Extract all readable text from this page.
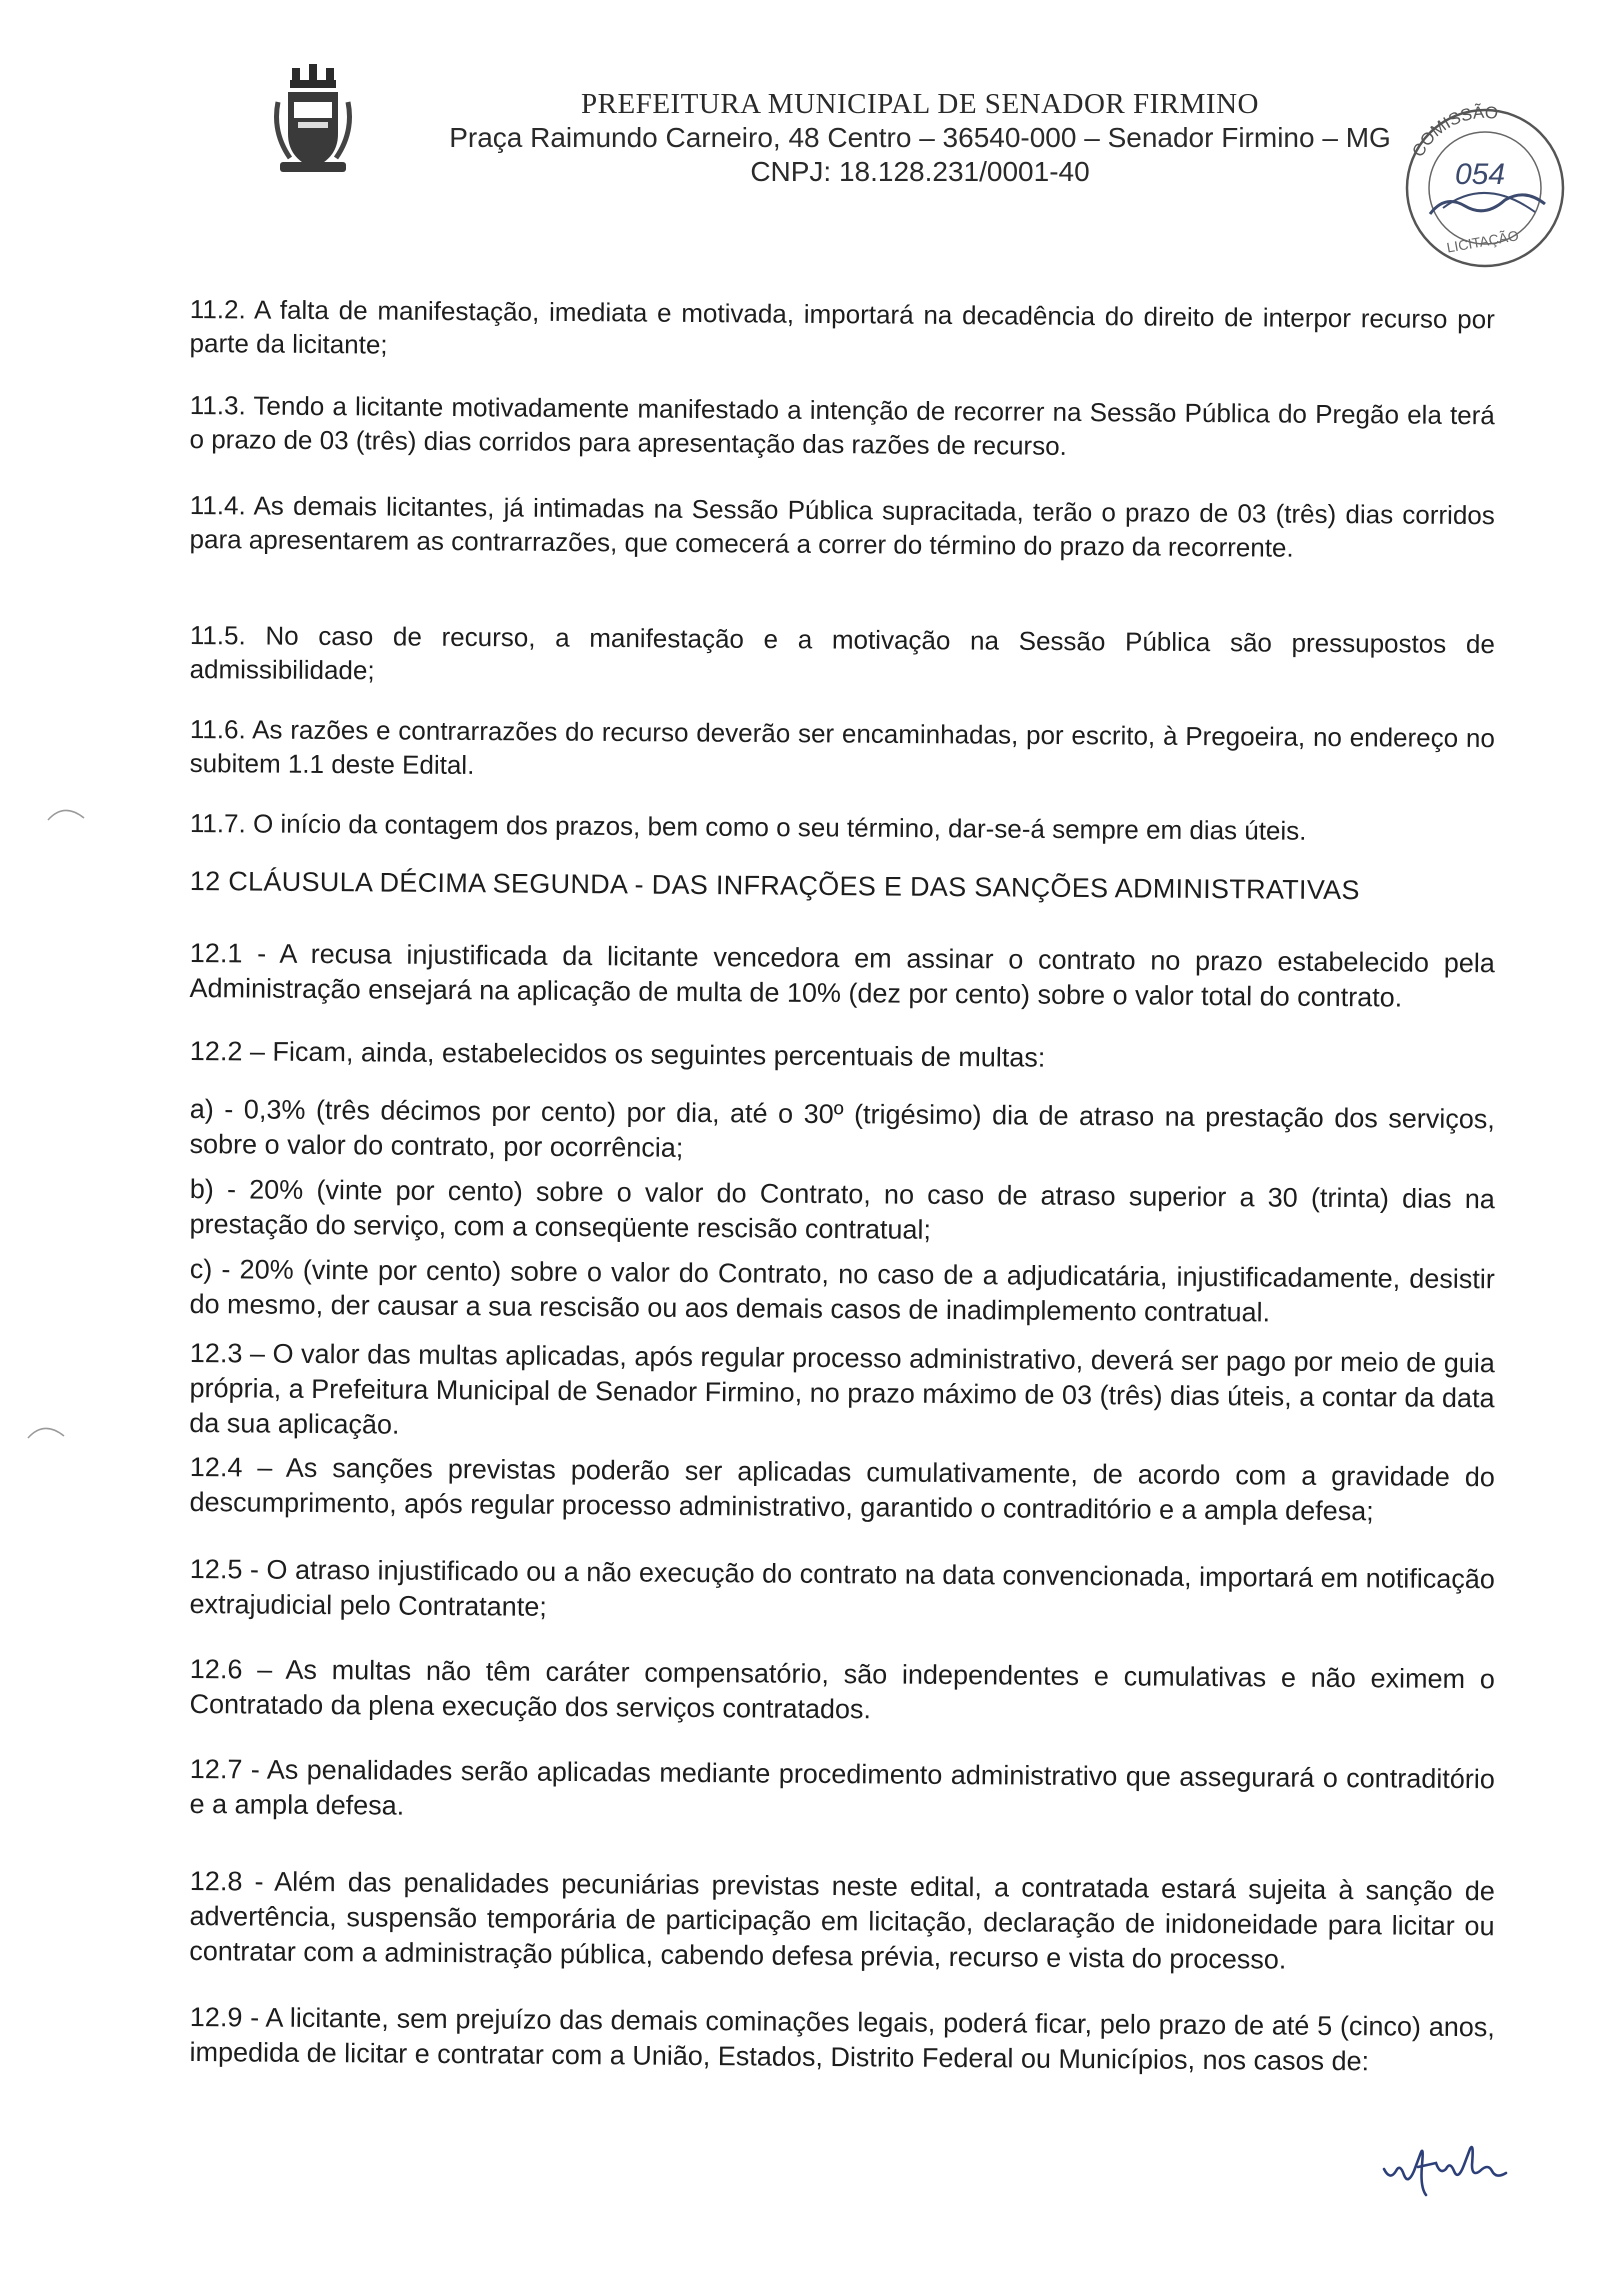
PREFEITURA MUNICIPAL DE SENADOR FIRMINO
Praça Raimundo Carneiro, 48 Centro – 36540-000 – Senador Firmino – MG
CNPJ: 18.128.231/0001-40
COMISSÃO
LICITAÇÃO
054
11.2. A falta de manifestação, imediata e motivada, importará na decadência do direito de interpor recurso por parte da licitante;
11.3. Tendo a licitante motivadamente manifestado a intenção de recorrer na Sessão Pública do Pregão ela terá o prazo de 03 (três) dias corridos para apresentação das razões de recurso.
11.4. As demais licitantes, já intimadas na Sessão Pública supracitada, terão o prazo de 03 (três) dias corridos para apresentarem as contrarrazões, que comecerá a correr do término do prazo da recorrente.
11.5. No caso de recurso, a manifestação e a motivação na Sessão Pública são pressupostos de admissibilidade;
11.6. As razões e contrarrazões do recurso deverão ser encaminhadas, por escrito, à Pregoeira, no endereço no subitem 1.1 deste Edital.
11.7. O início da contagem dos prazos, bem como o seu término, dar-se-á sempre em dias úteis.
12 CLÁUSULA DÉCIMA SEGUNDA - DAS INFRAÇÕES E DAS SANÇÕES ADMINISTRATIVAS
12.1 - A recusa injustificada da licitante vencedora em assinar o contrato no prazo estabelecido pela Administração ensejará na aplicação de multa de 10% (dez por cento) sobre o valor total do contrato.
12.2 – Ficam, ainda, estabelecidos os seguintes percentuais de multas:
a) - 0,3% (três décimos por cento) por dia, até o 30º (trigésimo) dia de atraso na prestação dos serviços, sobre o valor do contrato, por ocorrência;
b) - 20% (vinte por cento) sobre o valor do Contrato, no caso de atraso superior a 30 (trinta) dias na prestação do serviço, com a conseqüente rescisão contratual;
c) - 20% (vinte por cento) sobre o valor do Contrato, no caso de a adjudicatária, injustificadamente, desistir do mesmo, der causar a sua rescisão ou aos demais casos de inadimplemento contratual.
12.3 – O valor das multas aplicadas, após regular processo administrativo, deverá ser pago por meio de guia própria, a Prefeitura Municipal de Senador Firmino, no prazo máximo de 03 (três) dias úteis, a contar da data da sua aplicação.
12.4 – As sanções previstas poderão ser aplicadas cumulativamente, de acordo com a gravidade do descumprimento, após regular processo administrativo, garantido o contraditório e a ampla defesa;
12.5 - O atraso injustificado ou a não execução do contrato na data convencionada, importará em notificação extrajudicial pelo Contratante;
12.6 – As multas não têm caráter compensatório, são independentes e cumulativas e não eximem o Contratado da plena execução dos serviços contratados.
12.7 - As penalidades serão aplicadas mediante procedimento administrativo que assegurará o contraditório e a ampla defesa.
12.8 - Além das penalidades pecuniárias previstas neste edital, a contratada estará sujeita à sanção de advertência, suspensão temporária de participação em licitação, declaração de inidoneidade para licitar ou contratar com a administração pública, cabendo defesa prévia, recurso e vista do processo.
12.9 - A licitante, sem prejuízo das demais cominações legais, poderá ficar, pelo prazo de até 5 (cinco) anos, impedida de licitar e contratar com a União, Estados, Distrito Federal ou Municípios, nos casos de:
